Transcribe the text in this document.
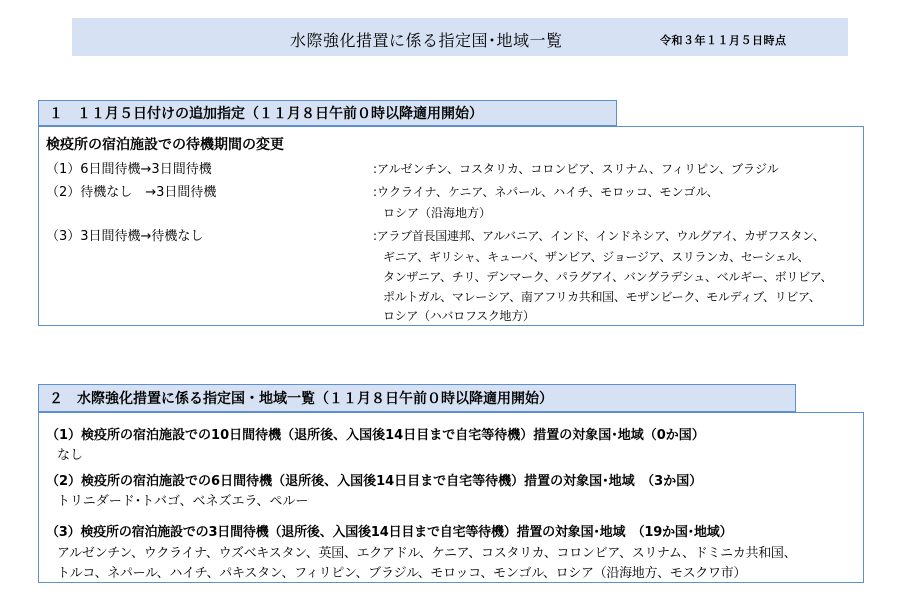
水際強化措置に係る指定国･地域一覧	令和３年１１月５日時点
１　１１月５日付けの追加指定（１１月８日午前０時以降適用開始）
検疫所の宿泊施設での待機期間の変更
（1）6日間待機→3日間待機	:アルゼンチン、コスタリカ、コロンビア、スリナム、フィリピン、ブラジル
（2）待機なし　→3日間待機	:ウクライナ、ケニア、ネパール、ハイチ、モロッコ、モンゴル、
ロシア（沿海地方）
（3）3日間待機→待機なし	:アラブ首長国連邦、アルバニア、インド、インドネシア、ウルグアイ、カザフスタン、
ギニア、ギリシャ、キューバ、ザンビア、ジョージア、スリランカ、セーシェル、
タンザニア、チリ、デンマーク、パラグアイ、バングラデシュ、ベルギー、ボリビア、
ポルトガル、マレーシア、南アフリカ共和国、モザンビーク、モルディブ、リビア、
ロシア（ハバロフスク地方）
２　水際強化措置に係る指定国・地域一覧（１１月８日午前０時以降適用開始）
（1）検疫所の宿泊施設での10日間待機（退所後、入国後14日目まで自宅等待機）措置の対象国･地域（0か国）
なし
（2）検疫所の宿泊施設での6日間待機（退所後、入国後14日目まで自宅等待機）措置の対象国･地域　（3か国）
トリニダード･トバゴ、ベネズエラ、ペルー
（3）検疫所の宿泊施設での3日間待機（退所後、入国後14日目まで自宅等待機）措置の対象国･地域　（19か国･地域）
アルゼンチン、ウクライナ、ウズベキスタン、英国、エクアドル、ケニア、コスタリカ、コロンビア、スリナム、ドミニカ共和国、
トルコ、ネパール、ハイチ、パキスタン、フィリピン、ブラジル、モロッコ、モンゴル、ロシア（沿海地方、モスクワ市）
